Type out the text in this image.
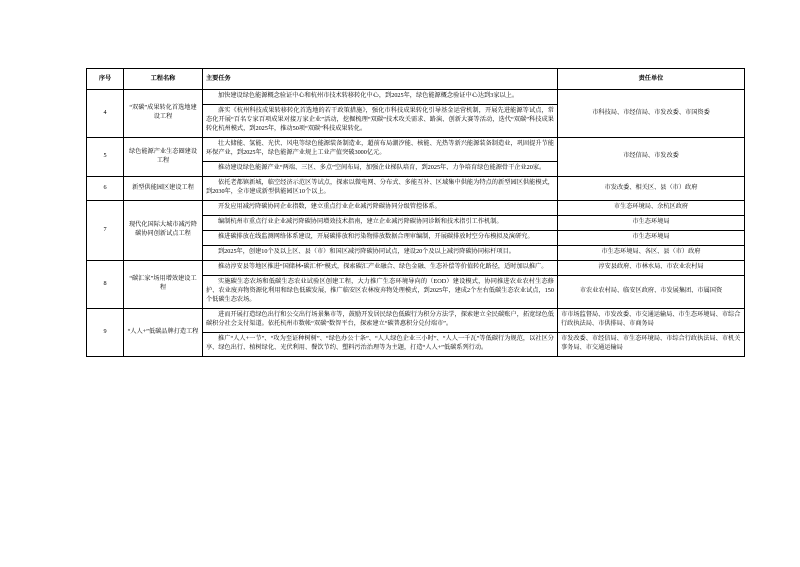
序号	工程名称	主要任务	责任单位
4	“双碳”成果转化首选地建设工程	加快建设绿色能源概念验证中心和杭州市技术转移转化中心，到2025年，绿色能源概念验证中心达到3家以上。	市科技局、市经信局、市发改委、市国资委

		落实《杭州科技成果转移转化首选地的若干政策措施》，强化市科技成果转化引导基金运营机制，开展先进能源等试点，常态化开展“百名专家百项成果对接万家企业”活动，挖掘梳理“双碳”技术攻关需求、路演、创新大赛等活动，迭代“双碳”科技成果转化杭州模式，到2025年，推动50项“双碳”科技成果转化。	

5	绿色能源产业生态圈建设工程	壮大储能、氢能、光伏、风电等绿色能源装备制造业，超前布局潮汐能、核能、光热等新兴能源装备制造业，巩固提升节能环保产业，到2025年，绿色能源产业规上工业产值突破3000亿元。	市经信局、市发改委

		推动建设绿色能源产业“两端、三区、多点”空间布局，加强企业梯队培育，到2025年、力争培育绿色能源骨干企业20家。	

6	新型供能园区建设工程	依托老都镇新城，临空经济示范区等试点，探索以微电网、分布式、多能互补、区域集中供能为特点的新型园区供能模式，到2030年，全市建成新型供能园区10个以上。	市发改委、相关区、县（市）政府

7	现代化国际大城市减污降碳协同创新试点工程	开发应用减污降碳协同企业指数，建立重点行业企业减污降碳协同分级管控体系。	市生态环境局、余杭区政府

		编制杭州市重点行业企业减污降碳协同增效技术指南，建立企业减污降碳协同诊断和技术指引工作机制。	市生态环境局

		推进碳排放在线监测网络体系建设，开展碳排放和污染物排放数据合理审编制，开展碳排放时空分布模拟及演研究。	市生态环境局

		到2025年，创建10个及以上区、县（市）和国区减污降碳协同试点，建设20个及以上减污降碳协同标杆项目。	市生态环境局、各区、县（市）政府

8	“碳汇家”场用增效建设工程	推动淳安县等地区推进“国储林•碳汇杯”模式，探索碳汇产业融合、绿色金融、生态补偿等价值转化路径，适时加以推广。	淳安县政府、市林水局、市农业农村局

		实施碳生态农场和低碳生态农业试验区创建工程，大力推广生态环境导向的（EOD）建设模式，协同推进农业农村生态修护、农业废弃物资源化利用和绿色低碳发展，推广临安区农林废弃物处理模式，到2025年，建成2个左右低碳生态农业试点，150个低碳生态农场。	市农业农村局、临安区政府、市发展集团、市属国资

9	“人人+”低碳品牌打造工程	进而开展打造绿色出行和公交出行场景集市等，鼓励开发居民绿色低碳行为积分方法学，探索建立全民碳账户，拓宽绿色低碳积分社会支付渠道。依托杭州市数帐“双碳”数智平台，探索建立“碳普惠积分兑付端市”。	市市场监督局、市发改委、市交通运输局、市生态环境局、市综合行政执法局、市供排局、市商务局

		推广“人人+一节”、“攻为至证种树树”、“绿色办公十条”、“人人绿色企业三小时”、“人人一千瓦”等低碳行为规范，以社区分享、绿色出行、植树绿化、光伏利用、餐饮节约、塑料污治治理等为主题，打造“人人+”低碳系列行动。	市发改委、市经信局、市生态环境局、市综合行政执法局、市机关事务局、市交通运输局
